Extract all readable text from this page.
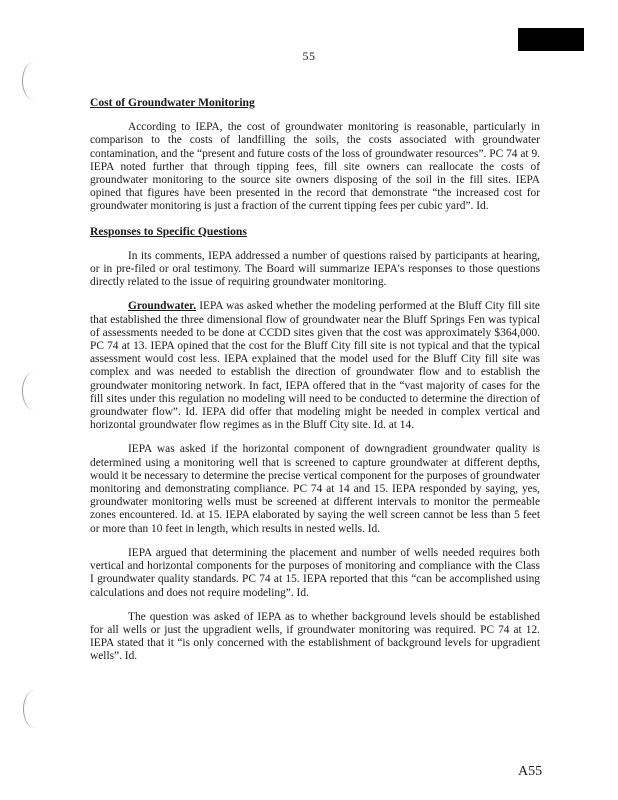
55
Cost of Groundwater Monitoring

According to IEPA, the cost of groundwater monitoring is reasonable, particularly in comparison to the costs of landfilling the soils, the costs associated with groundwater contamination, and the “present and future costs of the loss of groundwater resources”. PC 74 at 9. IEPA noted further that through tipping fees, fill site owners can reallocate the costs of groundwater monitoring to the source site owners disposing of the soil in the fill sites. IEPA opined that figures have been presented in the record that demonstrate “the increased cost for groundwater monitoring is just a fraction of the current tipping fees per cubic yard”. Id.

Responses to Specific Questions

In its comments, IEPA addressed a number of questions raised by participants at hearing, or in pre-filed or oral testimony. The Board will summarize IEPA's responses to those questions directly related to the issue of requiring groundwater monitoring.

Groundwater. IEPA was asked whether the modeling performed at the Bluff City fill site that established the three dimensional flow of groundwater near the Bluff Springs Fen was typical of assessments needed to be done at CCDD sites given that the cost was approximately $364,000. PC 74 at 13. IEPA opined that the cost for the Bluff City fill site is not typical and that the typical assessment would cost less. IEPA explained that the model used for the Bluff City fill site was complex and was needed to establish the direction of groundwater flow and to establish the groundwater monitoring network. In fact, IEPA offered that in the “vast majority of cases for the fill sites under this regulation no modeling will need to be conducted to determine the direction of groundwater flow”. Id. IEPA did offer that modeling might be needed in complex vertical and horizontal groundwater flow regimes as in the Bluff City site. Id. at 14.

IEPA was asked if the horizontal component of downgradient groundwater quality is determined using a monitoring well that is screened to capture groundwater at different depths, would it be necessary to determine the precise vertical component for the purposes of groundwater monitoring and demonstrating compliance. PC 74 at 14 and 15. IEPA responded by saying, yes, groundwater monitoring wells must be screened at different intervals to monitor the permeable zones encountered. Id. at 15. IEPA elaborated by saying the well screen cannot be less than 5 feet or more than 10 feet in length, which results in nested wells. Id.

IEPA argued that determining the placement and number of wells needed requires both vertical and horizontal components for the purposes of monitoring and compliance with the Class I groundwater quality standards. PC 74 at 15. IEPA reported that this “can be accomplished using calculations and does not require modeling”. Id.

The question was asked of IEPA as to whether background levels should be established for all wells or just the upgradient wells, if groundwater monitoring was required. PC 74 at 12. IEPA stated that it “is only concerned with the establishment of background levels for upgradient wells”. Id.

A55
